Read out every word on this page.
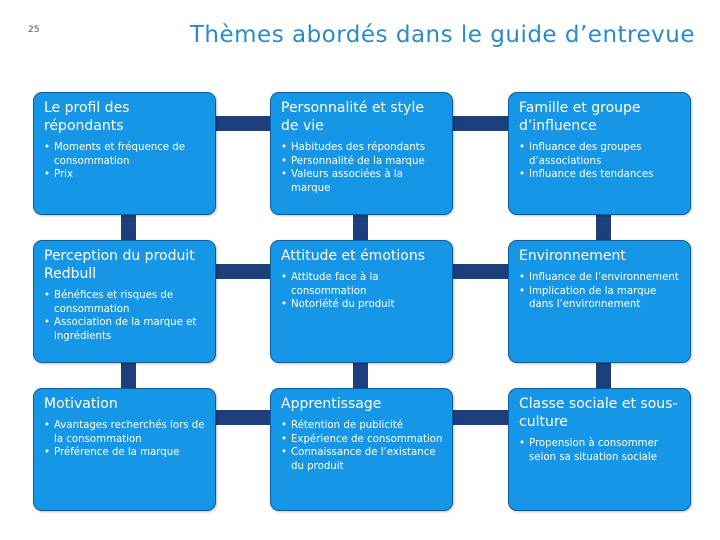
25	Thèmes abordés dans le guide d’entrevue
Le profil des répondants
• Moments et fréquence de consommation
• Prix
Personnalité et style de vie
• Habitudes des répondants
• Personnalité de la marque
• Valeurs associées à la marque
Famille et groupe d’influence
• Influance des groupes d’associations
• Influance des tendances
Perception du produit Redbull
• Bénéfices et risques de consommation
• Association de la marque et ingrédients
Attitude et émotions
• Attitude face à la consommation
• Notoriété du produit
Environnement
• Influance de l’environnement
• Implication de la marque dans l’environnement
Motivation
• Avantages recherchés lors de la consommation
• Préférence de la marque
Apprentissage
• Rétention de publicité
• Expérience de consommation
• Connaissance de l’existance du produit
Classe sociale et sous-culture
• Propension à consommer selon sa situation sociale
